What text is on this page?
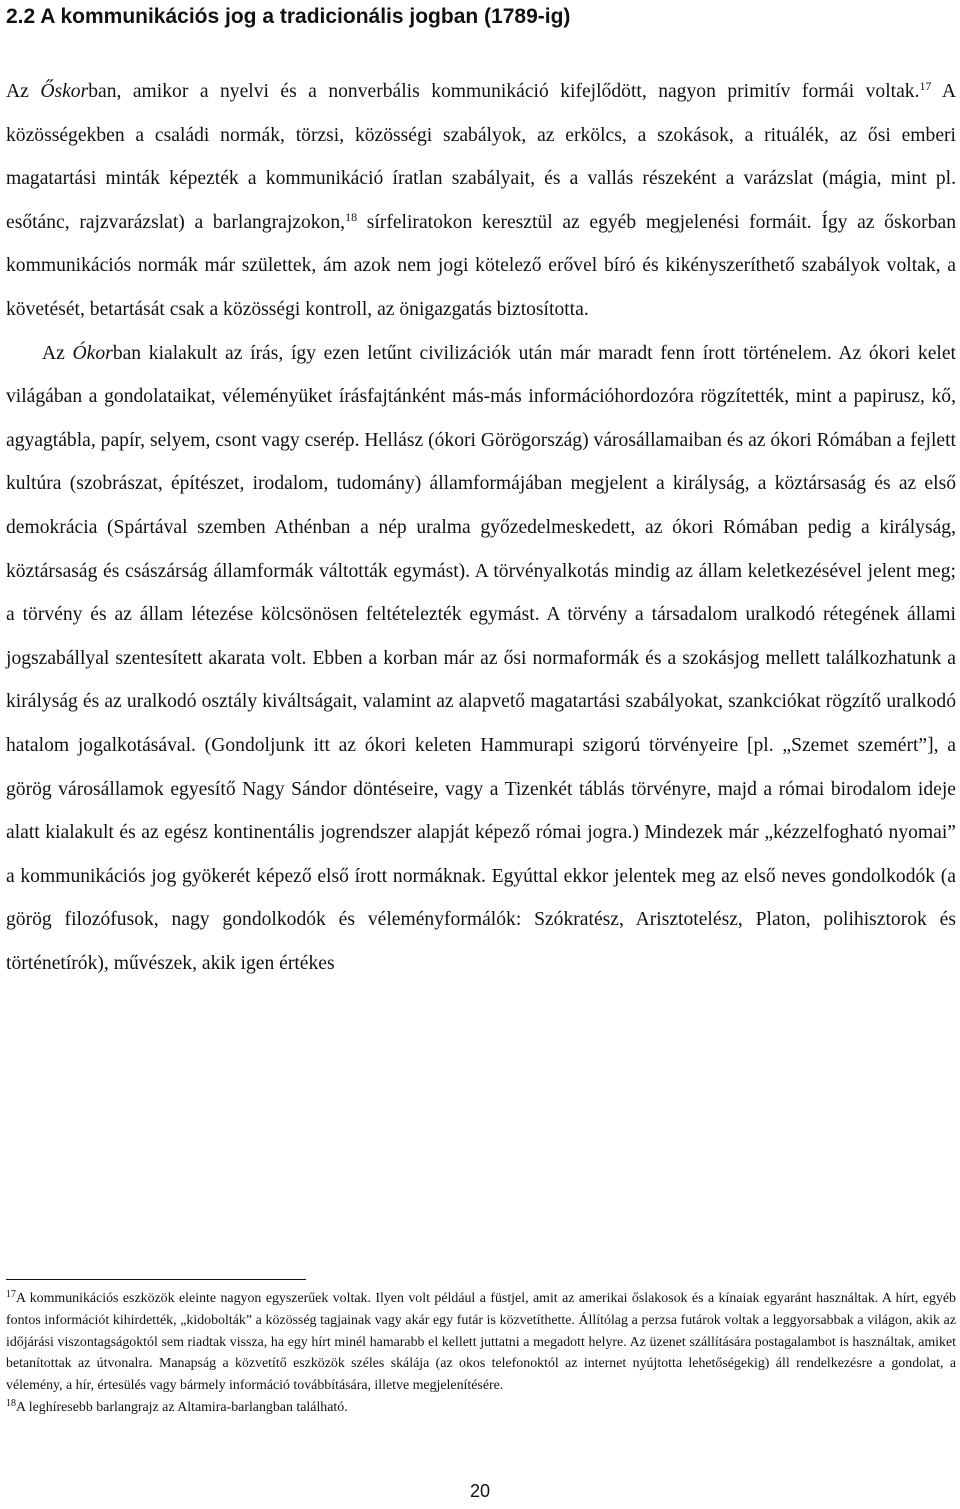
2.2 A kommunikációs jog a tradicionális jogban (1789-ig)

Az Őskorban, amikor a nyelvi és a nonverbális kommunikáció kifejlődött, nagyon primitív formái voltak.$^{17}$ A közösségekben a családi normák, törzsi, közösségi szabályok, az erkölcs, a szokások, a rituálék, az ősi emberi magatartási minták képezték a kommunikáció íratlan szabályait, és a vallás részeként a varázslat (mágia, mint pl. esőtánc, rajzvarázslat) a barlangrajzokon,$^{18}$ sírfeliratokon keresztül az egyéb megjelenési formáit. Így az őskorban kommunikációs normák már születtek, ám azok nem jogi kötelező erővel bíró és kikényszeríthető szabályok voltak, a követését, betartását csak a közösségi kontroll, az önigazgatás biztosította.

Az Ókorban kialakult az írás, így ezen letűnt civilizációk után már maradt fenn írott történelem. Az ókori kelet világában a gondolataikat, véleményüket írásfajtánként más-más információhordozóra rögzítették, mint a papirusz, kő, agyagtábla, papír, selyem, csont vagy cserép. Hellász (ókori Görögország) városállamaiban és az ókori Rómában a fejlett kultúra (szobrászat, építészet, irodalom, tudomány) államformájában megjelent a királyság, a köztársaság és az első demokrácia (Spártával szemben Athénban a nép uralma győzedelmeskedett, az ókori Rómában pedig a királyság, köztársaság és császárság államformák váltották egymást). A törvényalkotás mindig az állam keletkezésével jelent meg; a törvény és az állam létezése kölcsönösen feltételezték egymást. A törvény a társadalom uralkodó rétegének állami jogszabállyal szentesített akarata volt. Ebben a korban már az ősi normaformák és a szokásjog mellett találkozhatunk a királyság és az uralkodó osztály kiváltságait, valamint az alapvető magatartási szabályokat, szankciókat rögzítő uralkodó hatalom jogalkotásával. (Gondoljunk itt az ókori keleten Hammurapi szigorú törvényeire [pl. „Szemet szemért”], a görög városállamok egyesítő Nagy Sándor döntéseire, vagy a Tizenkét táblás törvényre, majd a római birodalom ideje alatt kialakult és az egész kontinentális jogrendszer alapját képező római jogra.) Mindezek már „kézzelfogható nyomai” a kommunikációs jog gyökerét képező első írott normáknak. Egyúttal ekkor jelentek meg az első neves gondolkodók (a görög filozófusok, nagy gondolkodók és véleményformálók: Szókratész, Arisztotelész, Platon, polihisztorok és történetírók), művészek, akik igen értékes

$^{17}$A kommunikációs eszközök eleinte nagyon egyszerűek voltak. Ilyen volt például a füstjel, amit az amerikai őslakosok és a kínaiak egyaránt használtak. A hírt, egyéb fontos információt kihirdették, „kidobolták” a közösség tagjainak vagy akár egy futár is közvetíthette. Állítólag a perzsa futárok voltak a leggyorsabbak a világon, akik az időjárási viszontagságoktól sem riadtak vissza, ha egy hírt minél hamarabb el kellett juttatni a megadott helyre. Az üzenet szállítására postagalambot is használtak, amiket betanítottak az útvonalra. Manapság a közvetítő eszközök széles skálája (az okos telefonoktól az internet nyújtotta lehetőségekig) áll rendelkezésre a gondolat, a vélemény, a hír, értesülés vagy bármely információ továbbítására, illetve megjelenítésére.

$^{18}$A leghíresebb barlangrajz az Altamira-barlangban található.

20
